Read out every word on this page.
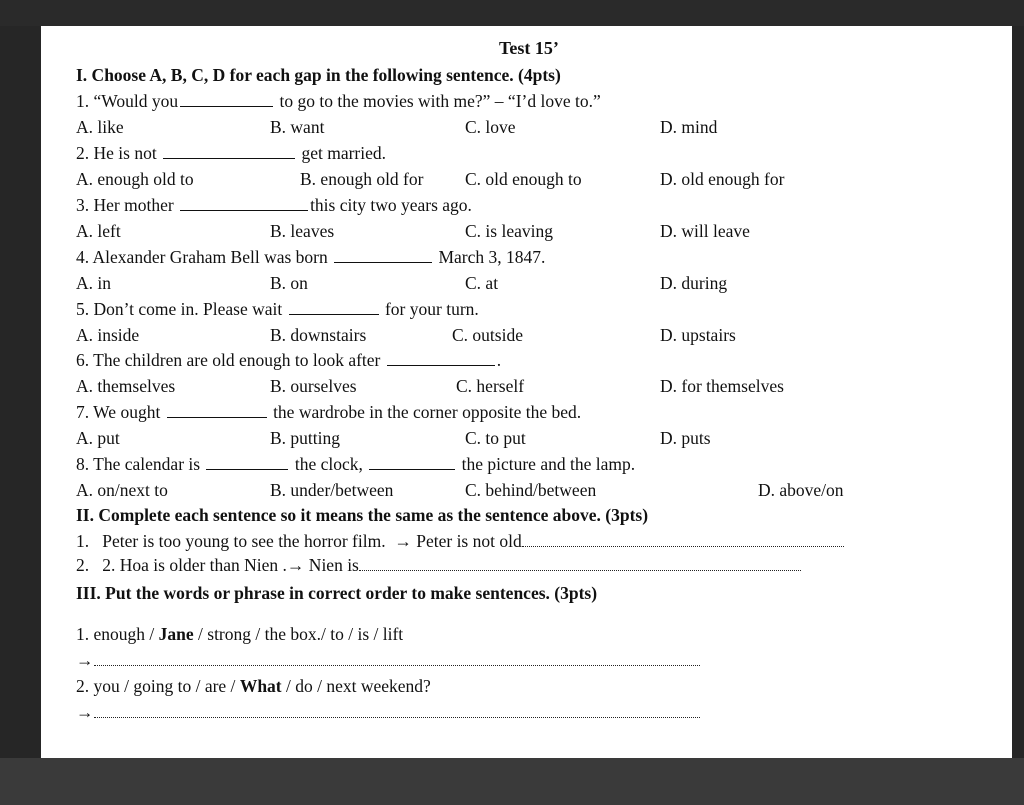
Test 15’
I. Choose A, B, C, D for each gap in the following sentence. (4pts)
1. “Would you	to go to the movies with me?” – “I’d love to.”
A. like	B. want	C. love	D. mind
2. He is not	get married.
A. enough old to	B. enough old for C. old enough to	D. old enough for
3. Her mother	this city two years ago.
A. left	B. leaves	C. is leaving	D. will leave
4. Alexander Graham Bell was born	March 3, 1847.
A. in	B. on	C. at	D. during
5. Don’t come in. Please wait	for your turn.
A. inside	B. downstairs	C. outside	D. upstairs
6. The children are old enough to look after	.
A. themselves	B. ourselves	C. herself	D. for themselves
7. We ought	the wardrobe in the corner opposite the bed.
A. put	B. putting	C. to put	D. puts
8. The calendar is	the clock,	the picture and the lamp.
A. on/next to	B. under/between	C. behind/between	D. above/on
II. Complete each sentence so it means the same as the sentence above. (3pts)
1. Peter is too young to see the horror film. → Peter is not old
2. 2. Hoa is older than Nien .→ Nien is
III. Put the words or phrase in correct order to make sentences. (3pts)
1. enough / Jane / strong / the box./ to / is / lift
→
2. you / going to / are / What / do / next weekend?
→
